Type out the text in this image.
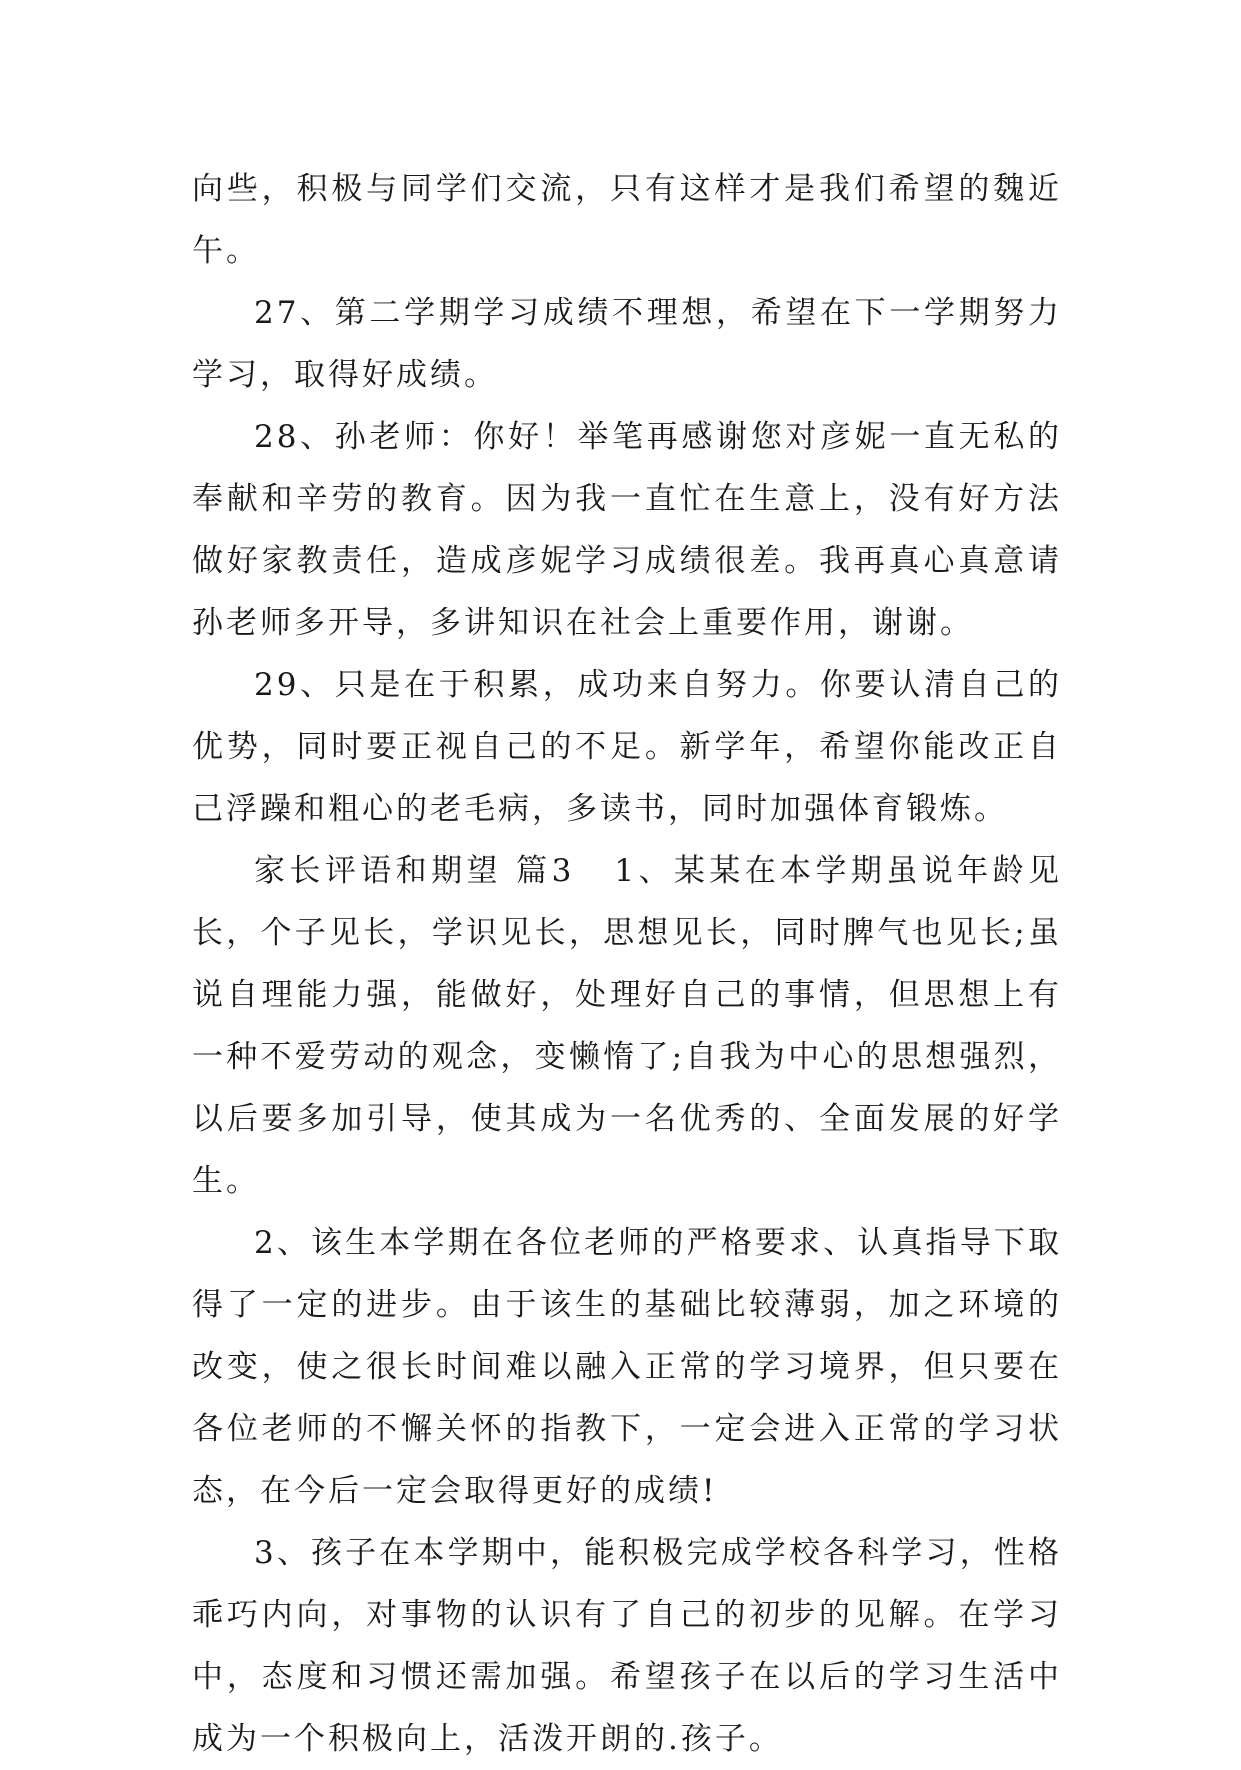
向些，积极与同学们交流，只有这样才是我们希望的魏近午。

27、第二学期学习成绩不理想，希望在下一学期努力学习，取得好成绩。

28、孙老师：你好！举笔再感谢您对彦妮一直无私的奉献和辛劳的教育。因为我一直忙在生意上，没有好方法做好家教责任，造成彦妮学习成绩很差。我再真心真意请孙老师多开导，多讲知识在社会上重要作用，谢谢。

29、只是在于积累，成功来自努力。你要认清自己的优势，同时要正视自己的不足。新学年，希望你能改正自己浮躁和粗心的老毛病，多读书，同时加强体育锻炼。

家长评语和期望 篇3 1、某某在本学期虽说年龄见长，个子见长，学识见长，思想见长，同时脾气也见长;虽说自理能力强，能做好，处理好自己的事情，但思想上有一种不爱劳动的观念，变懒惰了;自我为中心的思想强烈，以后要多加引导，使其成为一名优秀的、全面发展的好学生。

2、该生本学期在各位老师的严格要求、认真指导下取得了一定的进步。由于该生的基础比较薄弱，加之环境的改变，使之很长时间难以融入正常的学习境界，但只要在各位老师的不懈关怀的指教下，一定会进入正常的学习状态，在今后一定会取得更好的成绩!

3、孩子在本学期中，能积极完成学校各科学习，性格乖巧内向，对事物的认识有了自己的初步的见解。在学习中，态度和习惯还需加强。希望孩子在以后的学习生活中成为一个积极向上，活泼开朗的.孩子。
